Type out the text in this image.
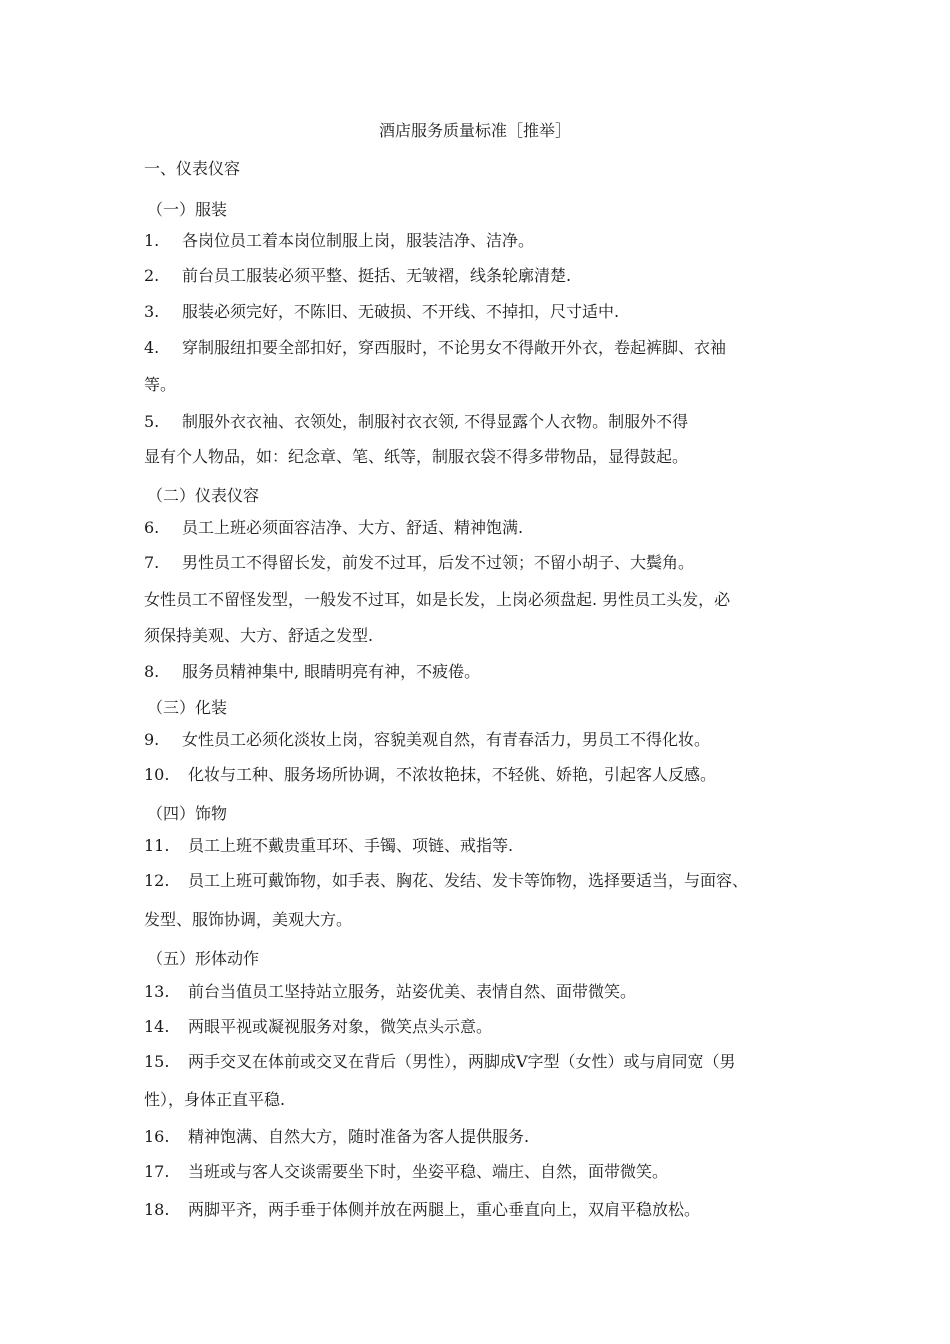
酒店服务质量标准［推举］
一、仪表仪容
（一）服装
1. 各岗位员工着本岗位制服上岗，服装洁净、洁净。
2. 前台员工服装必须平整、挺括、无皱褶，线条轮廓清楚.
3. 服装必须完好，不陈旧、无破损、不开线、不掉扣，尺寸适中.
4. 穿制服纽扣要全部扣好，穿西服时，不论男女不得敞开外衣，卷起裤脚、衣袖
等。
5. 制服外衣衣袖、衣领处，制服衬衣衣领, 不得显露个人衣物。制服外不得
显有个人物品，如：纪念章、笔、纸等，制服衣袋不得多带物品，显得鼓起。
（二）仪表仪容
6. 员工上班必须面容洁净、大方、舒适、精神饱满.
7. 男性员工不得留长发，前发不过耳，后发不过领；不留小胡子、大鬓角。
女性员工不留怪发型，一般发不过耳，如是长发，上岗必须盘起. 男性员工头发，必
须保持美观、大方、舒适之发型.
8. 服务员精神集中, 眼睛明亮有神，不疲倦。
（三）化装
9. 女性员工必须化淡妆上岗，容貌美观自然，有青春活力，男员工不得化妆。
10. 化妆与工种、服务场所协调，不浓妆艳抹，不轻佻、娇艳，引起客人反感。
（四）饰物
11. 员工上班不戴贵重耳环、手镯、项链、戒指等.
12. 员工上班可戴饰物，如手表、胸花、发结、发卡等饰物，选择要适当，与面容、
发型、服饰协调，美观大方。
（五）形体动作
13. 前台当值员工坚持站立服务，站姿优美、表情自然、面带微笑。
14. 两眼平视或凝视服务对象，微笑点头示意。
15. 两手交叉在体前或交叉在背后（男性），两脚成Ⅴ字型（女性）或与肩同宽（男
性），身体正直平稳.
16. 精神饱满、自然大方，随时准备为客人提供服务.
17. 当班或与客人交谈需要坐下时，坐姿平稳、端庄、自然，面带微笑。
18. 两脚平齐，两手垂于体侧并放在两腿上，重心垂直向上，双肩平稳放松。
